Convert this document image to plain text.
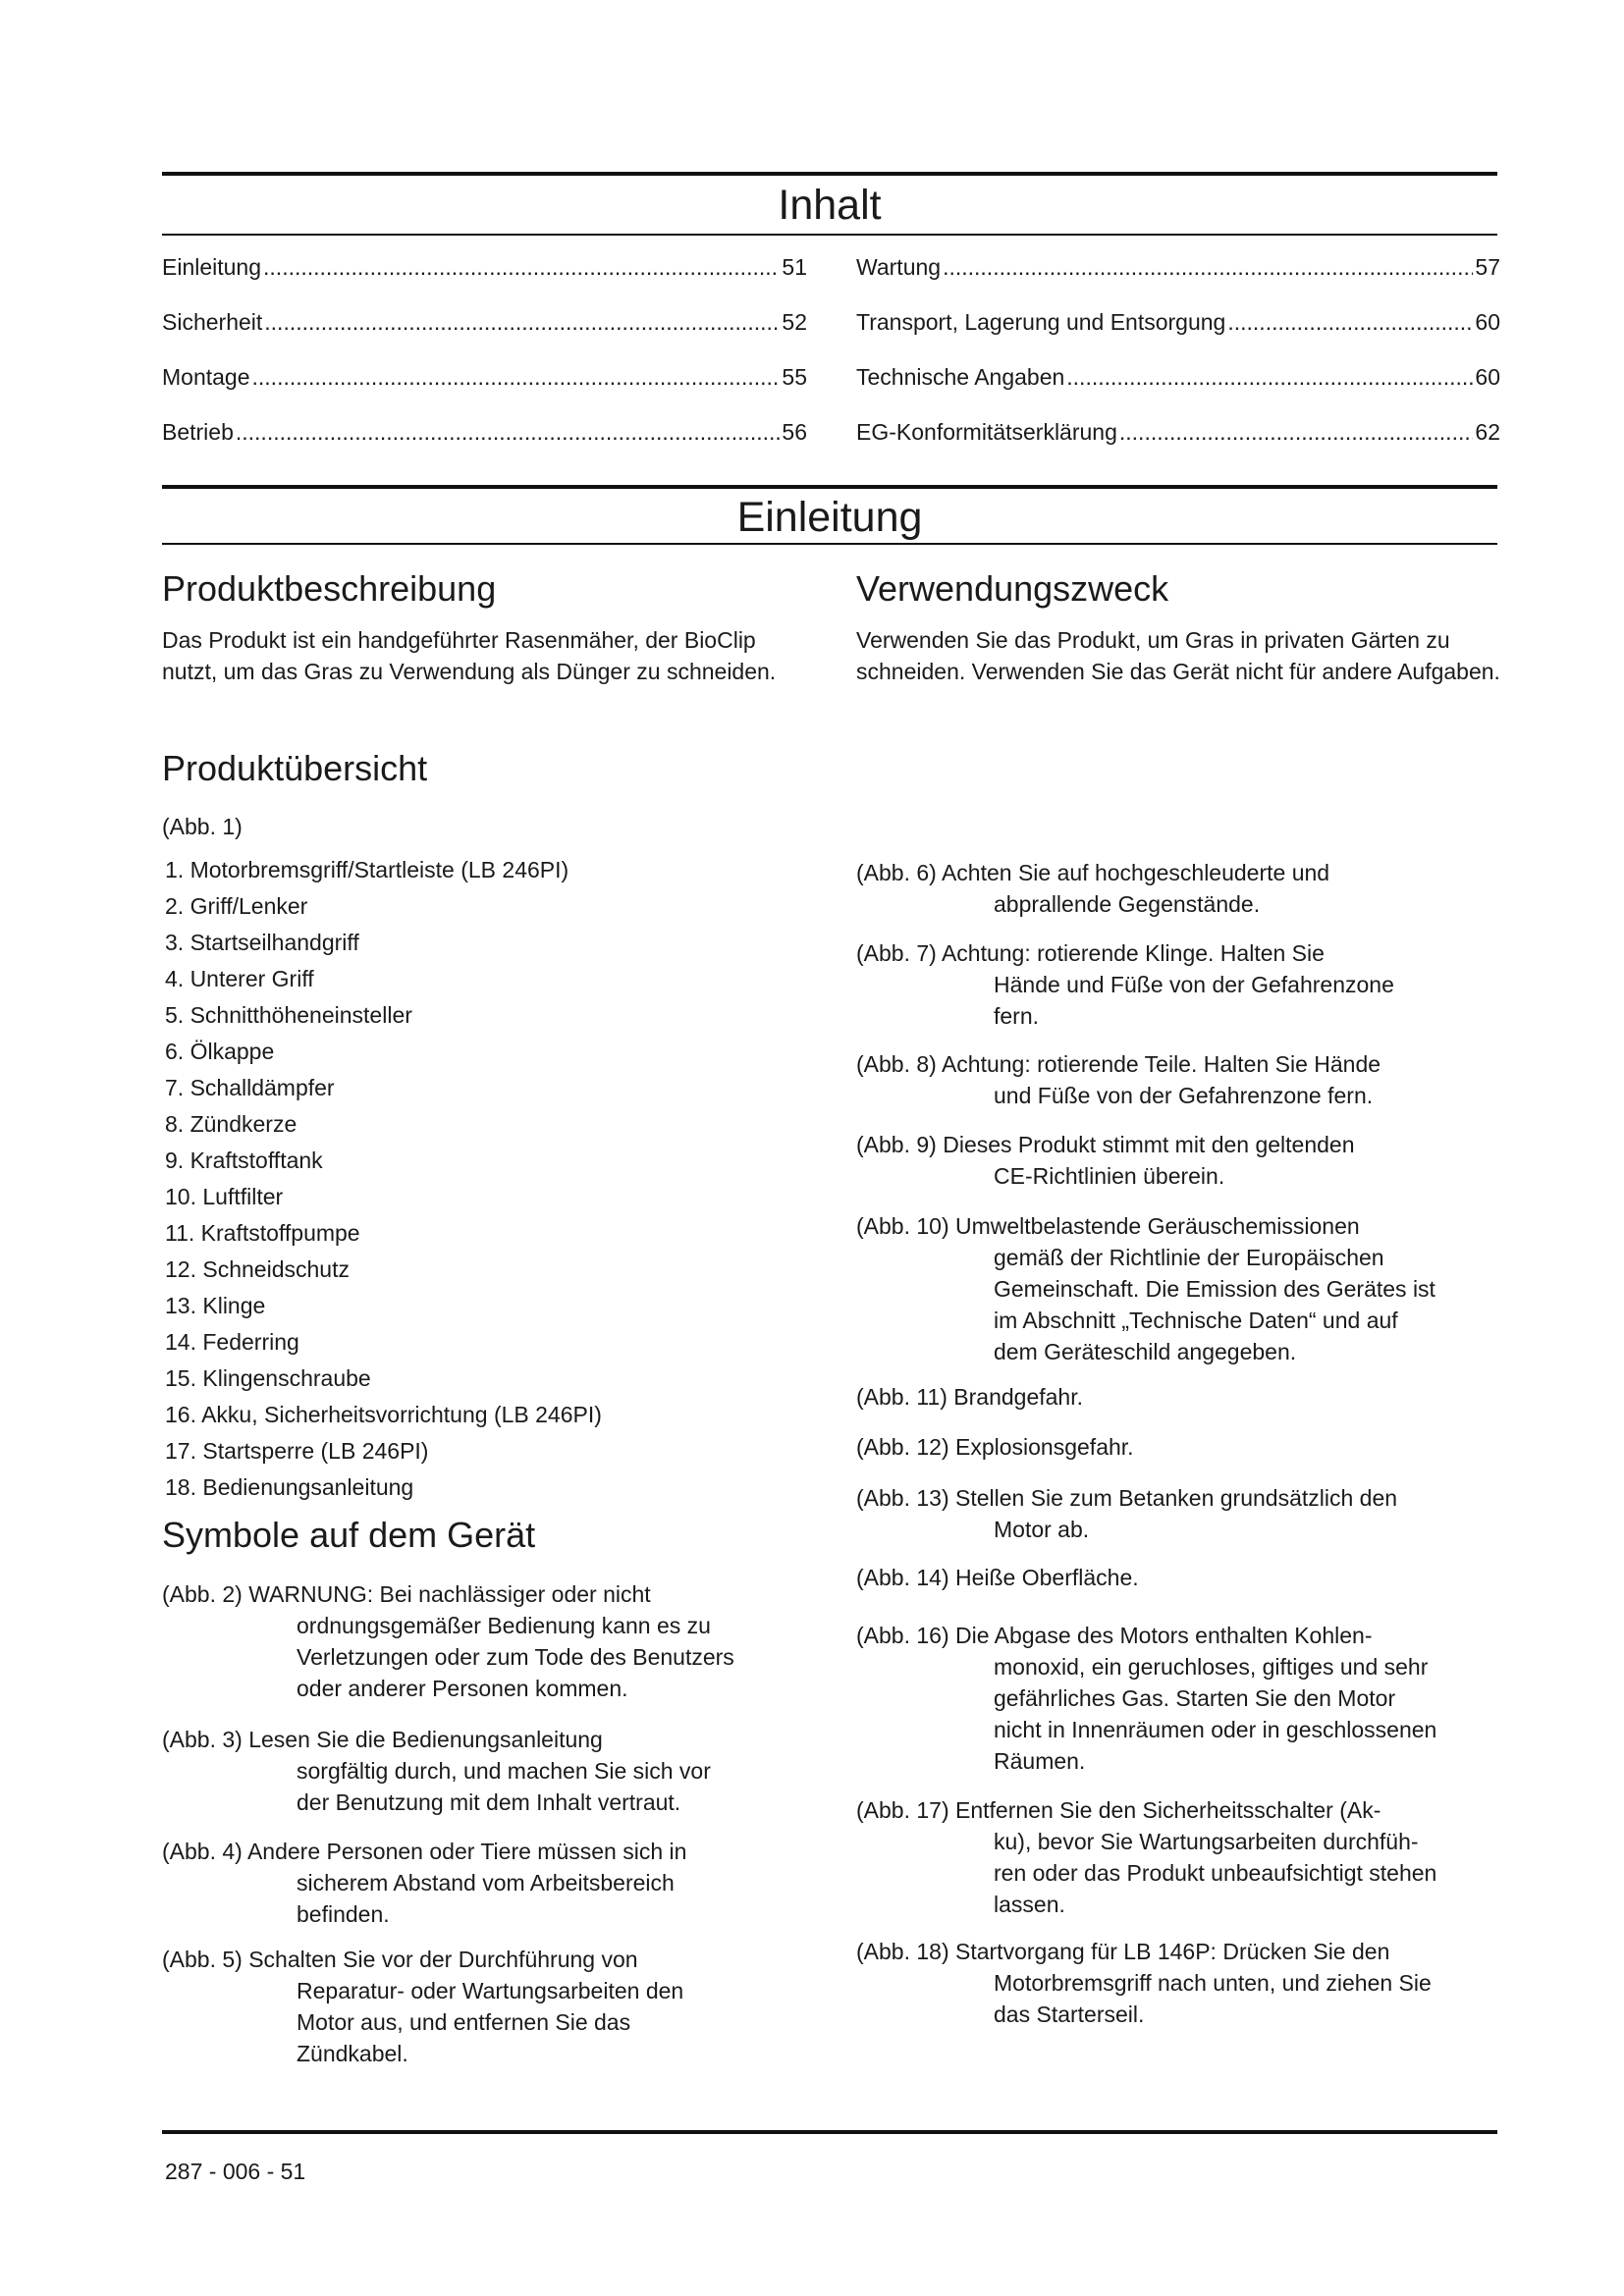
Inhalt
Einleitung .....	51
Sicherheit .....	52
Montage .....	55
Betrieb .....	56
Wartung .....	57
Transport, Lagerung und Entsorgung .....	60
Technische Angaben .....	60
EG-Konformitätserklärung .....	62
Einleitung
Produktbeschreibung

Das Produkt ist ein handgeführter Rasenmäher, der BioClip nutzt, um das Gras zu Verwendung als Dünger zu schneiden.

Verwendungszweck

Verwenden Sie das Produkt, um Gras in privaten Gärten zu schneiden. Verwenden Sie das Gerät nicht für andere Aufgaben.

Produktübersicht

(Abb. 1)

1. Motorbremsgriff/Startleiste (LB 246PI)
2. Griff/Lenker
3. Startseilhandgriff
4. Unterer Griff
5. Schnitthöheneinsteller
6. Ölkappe
7. Schalldämpfer
8. Zündkerze
9. Kraftstofftank
10. Luftfilter
11. Kraftstoffpumpe
12. Schneidschutz
13. Klinge
14. Federring
15. Klingenschraube
16. Akku, Sicherheitsvorrichtung (LB 246PI)
17. Startsperre (LB 246PI)
18. Bedienungsanleitung
Symbole auf dem Gerät
(Abb. 2) WARNUNG: Bei nachlässiger oder nicht
ordnungsgemäßer Bedienung kann es zu
Verletzungen oder zum Tode des Benutzers
oder anderer Personen kommen.
(Abb. 3) Lesen Sie die Bedienungsanleitung
sorgfältig durch, und machen Sie sich vor
der Benutzung mit dem Inhalt vertraut.
(Abb. 4) Andere Personen oder Tiere müssen sich in
sicherem Abstand vom Arbeitsbereich
befinden.
(Abb. 5) Schalten Sie vor der Durchführung von
Reparatur- oder Wartungsarbeiten den
Motor aus, und entfernen Sie das
Zündkabel.
(Abb. 6) Achten Sie auf hochgeschleuderte und
abprallende Gegenstände.
(Abb. 7) Achtung: rotierende Klinge. Halten Sie
Hände und Füße von der Gefahrenzone
fern.
(Abb. 8) Achtung: rotierende Teile. Halten Sie Hände
und Füße von der Gefahrenzone fern.
(Abb. 9) Dieses Produkt stimmt mit den geltenden
CE-Richtlinien überein.
(Abb. 10) Umweltbelastende Geräuschemissionen
gemäß der Richtlinie der Europäischen
Gemeinschaft. Die Emission des Gerätes ist
im Abschnitt „Technische Daten“ und auf
dem Geräteschild angegeben.
(Abb. 11) Brandgefahr.
(Abb. 12) Explosionsgefahr.
(Abb. 13) Stellen Sie zum Betanken grundsätzlich den
Motor ab.
(Abb. 14) Heiße Oberfläche.
(Abb. 16) Die Abgase des Motors enthalten Kohlen-
monoxid, ein geruchloses, giftiges und sehr
gefährliches Gas. Starten Sie den Motor
nicht in Innenräumen oder in geschlossenen
Räumen.
(Abb. 17) Entfernen Sie den Sicherheitsschalter (Ak-
ku), bevor Sie Wartungsarbeiten durchfüh-
ren oder das Produkt unbeaufsichtigt stehen
lassen.
(Abb. 18) Startvorgang für LB 146P: Drücken Sie den
Motorbremsgriff nach unten, und ziehen Sie
das Starterseil.
287 - 006 - 51
